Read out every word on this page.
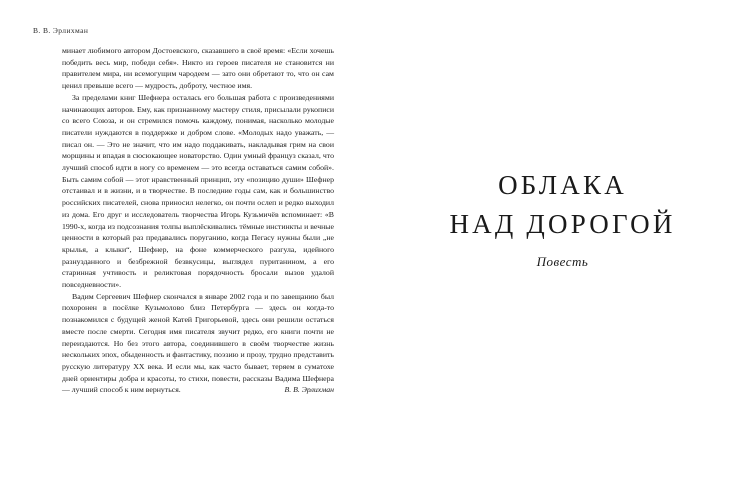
В. В. Эрлихман

минает любимого автором Достоевского, сказавшего в своё время: «Если хочешь победить весь мир, победи себя». Никто из героев писателя не становится ни правителем мира, ни всемогущим чародеем — зато они обретают то, что он сам ценил превыше всего — мудрость, доброту, честное имя.

За пределами книг Шефнера осталась его большая работа с произведениями начинающих авторов. Ему, как признанному мастеру стиля, присылали рукописи со всего Союза, и он стремился помочь каждому, понимая, насколько молодые писатели нуждаются в поддержке и добром слове. «Молодых надо уважать, — писал он. — Это не значит, что им надо поддакивать, накладывая грим на свои морщины и впадая в сюсюкающее новаторство. Один умный француз сказал, что лучший способ идти в ногу со временем — это всегда оставаться самим собой». Быть самим собой — этот нравственный принцип, эту «позицию души» Шефнер отстаивал и в жизни, и в творчестве. В последние годы сам, как и большинство российских писателей, снова приносил нелегко, он почти ослеп и редко выходил из дома. Его друг и исследователь творчества Игорь Кузьмичёв вспоминает: «В 1990-х, когда из подсознания толпы выплёскивались тёмные инстинкты и вечные ценности в который раз предавались поруганию, когда Пегасу нужны были „не крылья, а клыки“, Шефнер, на фоне коммерческого разгула, идейного разнузданного и безбрежной безвкусицы, выглядел пуританином, а его старинная учтивость и реликтовая порядочность бросали вызов удалой повседневности».

Вадим Сергеевич Шефнер скончался в январе 2002 года и по завещанию был похоронен в посёлке Кузьмолово близ Петербурга — здесь он когда-то познакомился с будущей женой Катей Григорьевой, здесь они решили остаться вместе после смерти. Сегодня имя писателя звучит редко, его книги почти не переиздаются. Но без этого автора, соединившего в своём творчестве жизнь нескольких эпох, обыденность и фантастику, поэзию и прозу, трудно представить русскую литературу XX века. И если мы, как часто бывает, теряем в суматохе дней ориентиры добра и красоты, то стихи, повести, рассказы Вадима Шефнера — лучший способ к ним вернуться.	В. В. Эрлихман
ОБЛАКА
НАД ДОРОГОЙ
Повесть
